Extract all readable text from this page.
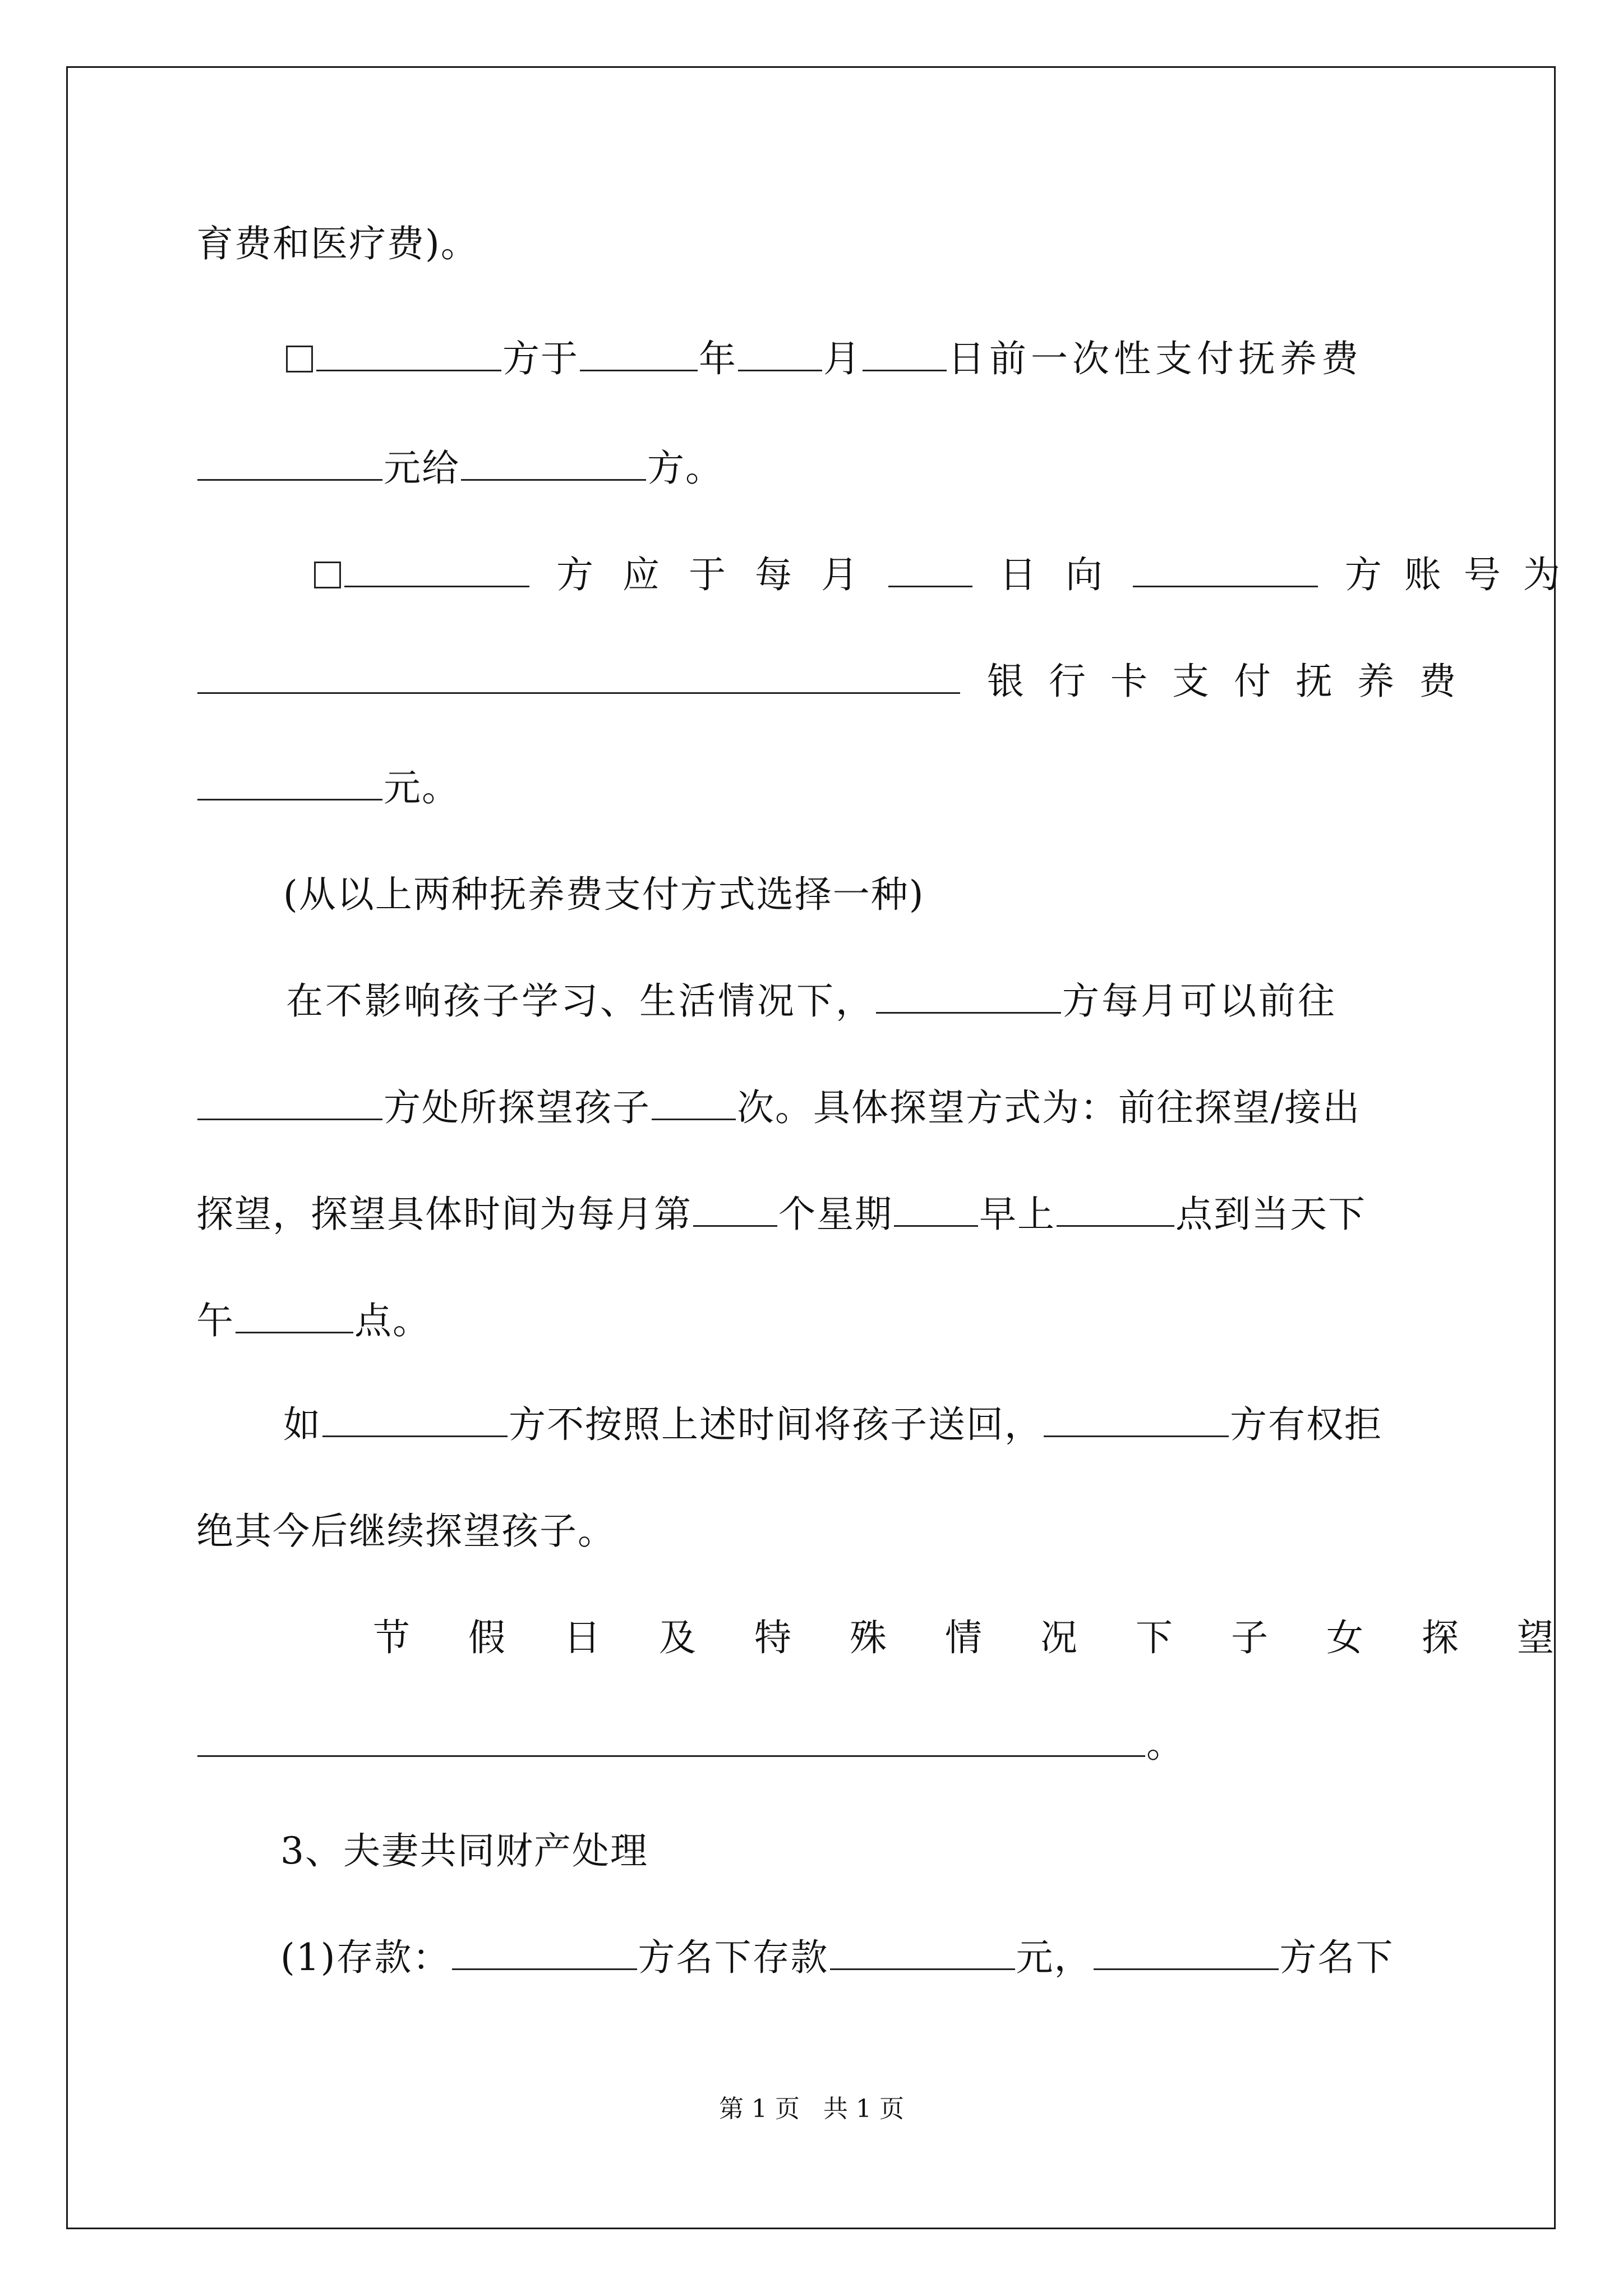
育费和医疗费)。
方于	年 月 日前一次性支付抚养费
元给	方。
方应于每月	日向	方账号为
银行卡支付抚养费
元。
(从以上两种抚养费支付方式选择一种)
在不影响孩子学习、生活情况下，	方每月可以前往
方处所探望孩子 次。具体探望方式为：前往探望/接出
探望，探望具体时间为每月第 个星期 早上	点到当天下
午	点。
如	方不按照上述时间将孩子送回，	方有权拒
绝其今后继续探望孩子。
节假日及特殊情况下子女探望
。
3、夫妻共同财产处理
(1)存款：	方名下存款	元，	方名下
第 1 页   共 1 页
